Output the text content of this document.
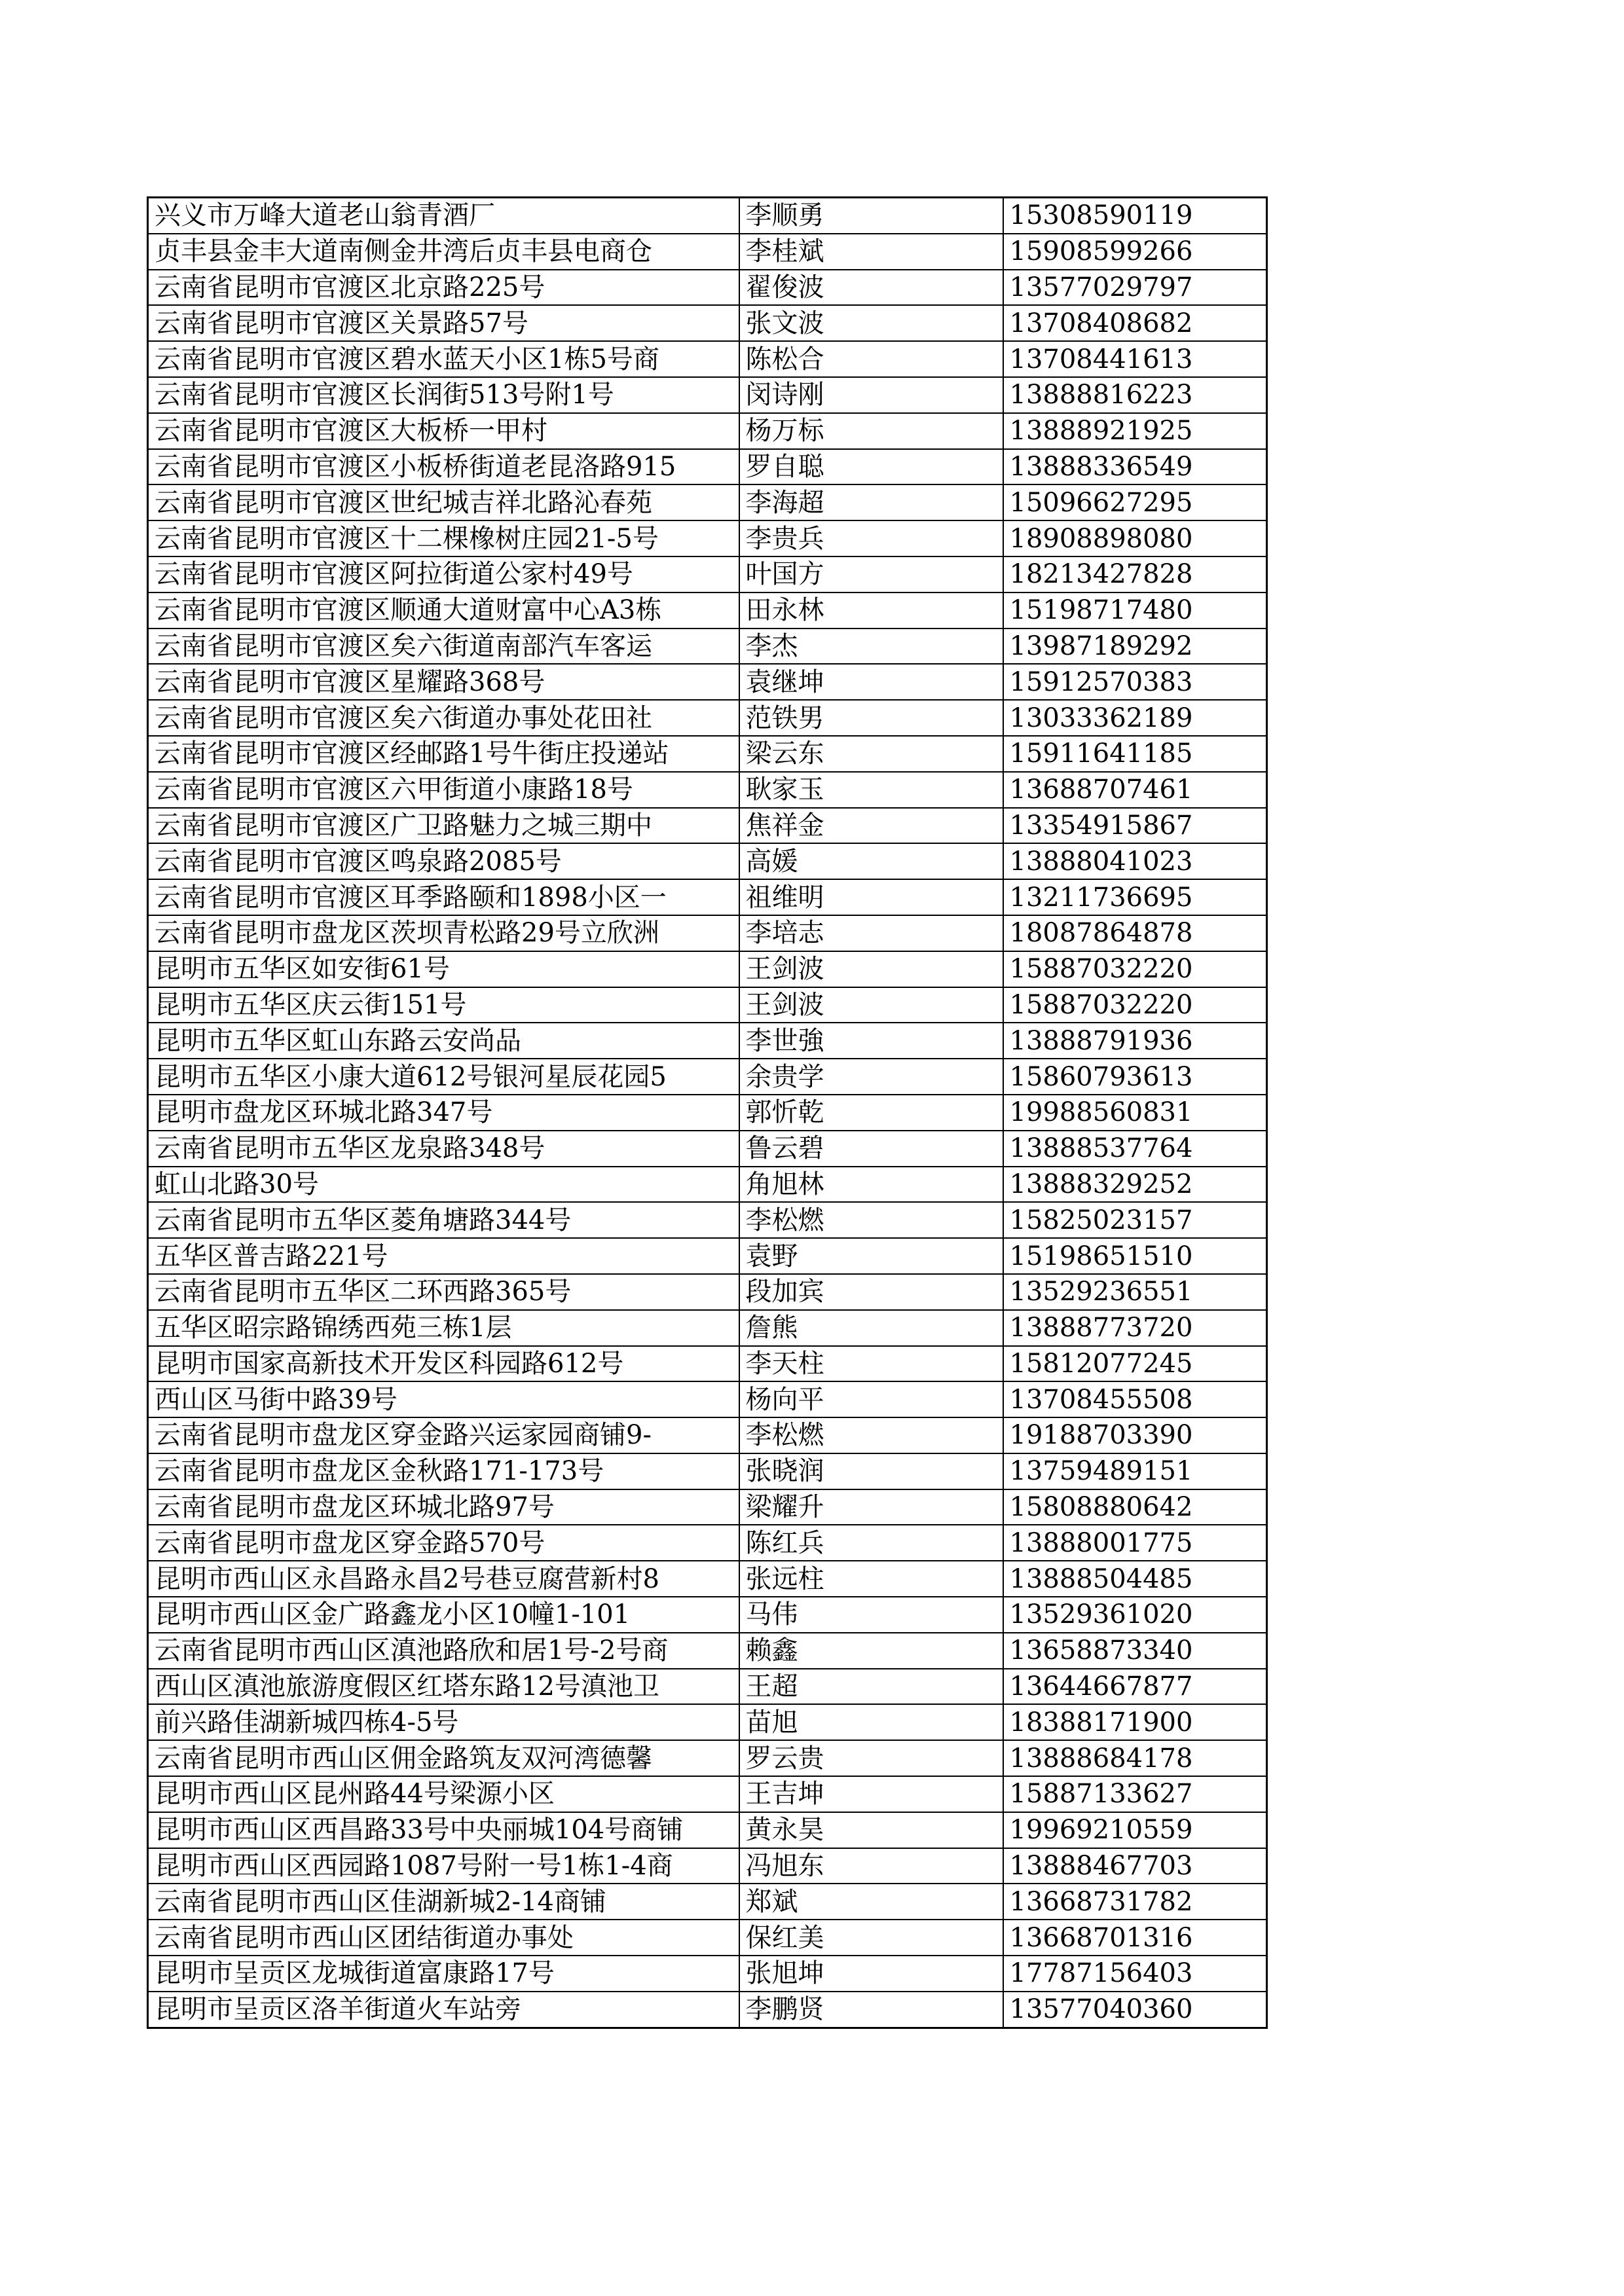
兴义市万峰大道老山翁青酒厂	李顺勇	15308590119
贞丰县金丰大道南侧金井湾后贞丰县电商仓	李桂斌	15908599266
云南省昆明市官渡区北京路225号	翟俊波	13577029797
云南省昆明市官渡区关景路57号	张文波	13708408682
云南省昆明市官渡区碧水蓝天小区1栋5号商	陈松合	13708441613
云南省昆明市官渡区长润街513号附1号	闵诗刚	13888816223
云南省昆明市官渡区大板桥一甲村	杨万标	13888921925
云南省昆明市官渡区小板桥街道老昆洛路915	罗自聪	13888336549
云南省昆明市官渡区世纪城吉祥北路沁春苑	李海超	15096627295
云南省昆明市官渡区十二棵橡树庄园21-5号	李贵兵	18908898080
云南省昆明市官渡区阿拉街道公家村49号	叶国方	18213427828
云南省昆明市官渡区顺通大道财富中心A3栋	田永林	15198717480
云南省昆明市官渡区矣六街道南部汽车客运	李杰	13987189292
云南省昆明市官渡区星耀路368号	袁继坤	15912570383
云南省昆明市官渡区矣六街道办事处花田社	范铁男	13033362189
云南省昆明市官渡区经邮路1号牛街庄投递站	梁云东	15911641185
云南省昆明市官渡区六甲街道小康路18号	耿家玉	13688707461
云南省昆明市官渡区广卫路魅力之城三期中	焦祥金	13354915867
云南省昆明市官渡区鸣泉路2085号	高媛	13888041023
云南省昆明市官渡区耳季路颐和1898小区一	祖维明	13211736695
云南省昆明市盘龙区茨坝青松路29号立欣洲	李培志	18087864878
昆明市五华区如安街61号	王剑波	15887032220
昆明市五华区庆云街151号	王剑波	15887032220
昆明市五华区虹山东路云安尚品	李世強	13888791936
昆明市五华区小康大道612号银河星辰花园5	余贵学	15860793613
昆明市盘龙区环城北路347号	郭忻乾	19988560831
云南省昆明市五华区龙泉路348号	鲁云碧	13888537764
虹山北路30号	角旭林	13888329252
云南省昆明市五华区菱角塘路344号	李松燃	15825023157
五华区普吉路221号	袁野	15198651510
云南省昆明市五华区二环西路365号	段加宾	13529236551
五华区昭宗路锦绣西苑三栋1层	詹熊	13888773720
昆明市国家高新技术开发区科园路612号	李天柱	15812077245
西山区马街中路39号	杨向平	13708455508
云南省昆明市盘龙区穿金路兴运家园商铺9-	李松燃	19188703390
云南省昆明市盘龙区金秋路171-173号	张晓润	13759489151
云南省昆明市盘龙区环城北路97号	梁耀升	15808880642
云南省昆明市盘龙区穿金路570号	陈红兵	13888001775
昆明市西山区永昌路永昌2号巷豆腐营新村8	张远柱	13888504485
昆明市西山区金广路鑫龙小区10幢1-101	马伟	13529361020
云南省昆明市西山区滇池路欣和居1号-2号商	赖鑫	13658873340
西山区滇池旅游度假区红塔东路12号滇池卫	王超	13644667877
前兴路佳湖新城四栋4-5号	苗旭	18388171900
云南省昆明市西山区佣金路筑友双河湾德馨	罗云贵	13888684178
昆明市西山区昆州路44号梁源小区	王吉坤	15887133627
昆明市西山区西昌路33号中央丽城104号商铺	黄永昊	19969210559
昆明市西山区西园路1087号附一号1栋1-4商	冯旭东	13888467703
云南省昆明市西山区佳湖新城2-14商铺	郑斌	13668731782
云南省昆明市西山区团结街道办事处	保红美	13668701316
昆明市呈贡区龙城街道富康路17号	张旭坤	17787156403
昆明市呈贡区洛羊街道火车站旁	李鹏贤	13577040360
